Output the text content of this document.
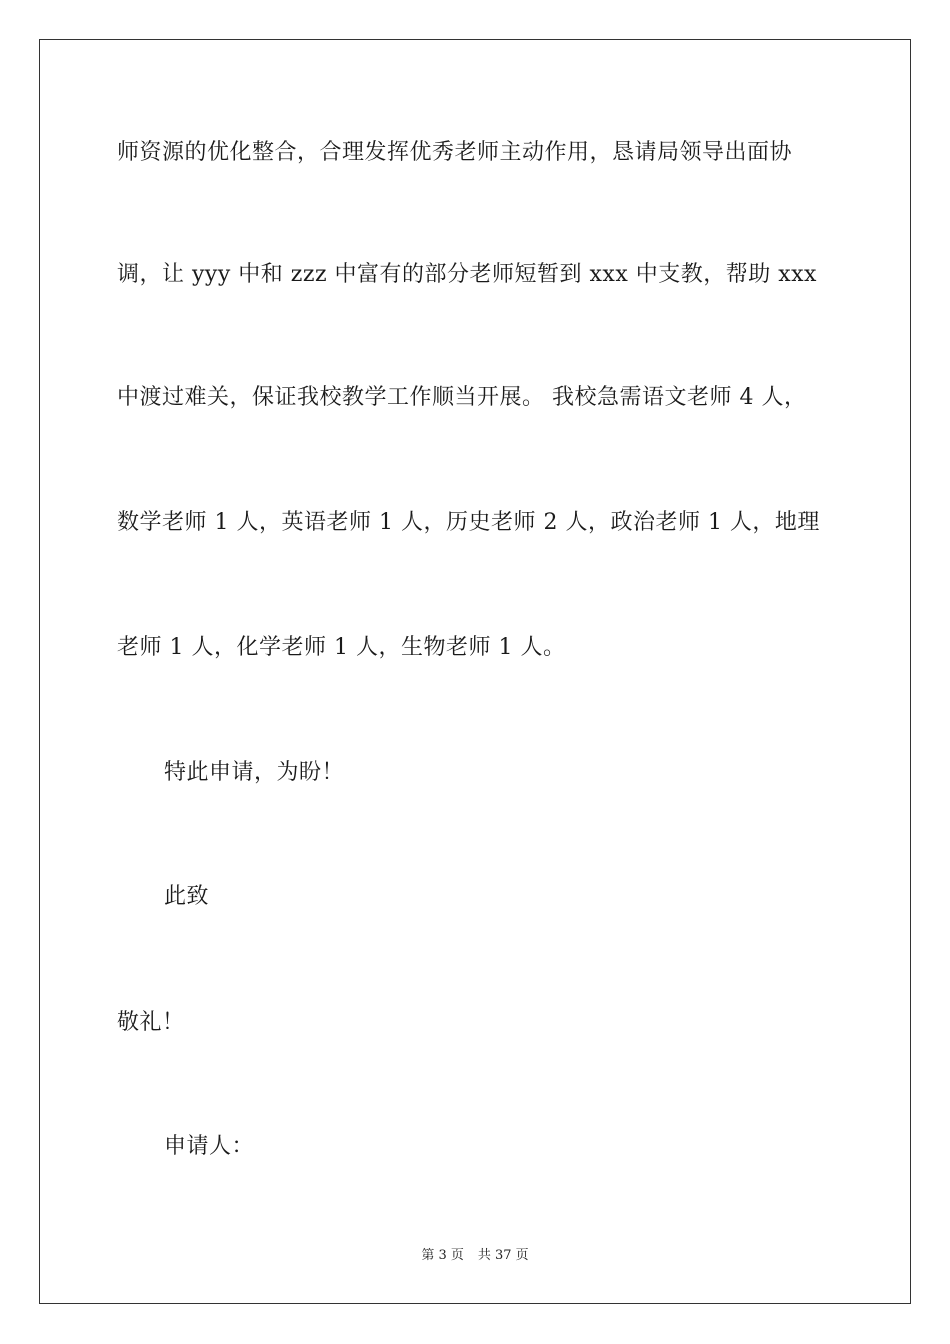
师资源的优化整合，合理发挥优秀老师主动作用，恳请局领导出面协
调，让 yyy 中和 zzz 中富有的部分老师短暂到 xxx 中支教，帮助 xxx
中渡过难关，保证我校教学工作顺当开展。 我校急需语文老师 4 人，
数学老师 1 人，英语老师 1 人，历史老师 2 人，政治老师 1 人，地理
老师 1 人，化学老师 1 人，生物老师 1 人。
特此申请，为盼！
此致
敬礼！
申请人：
第 3 页 共 37 页
